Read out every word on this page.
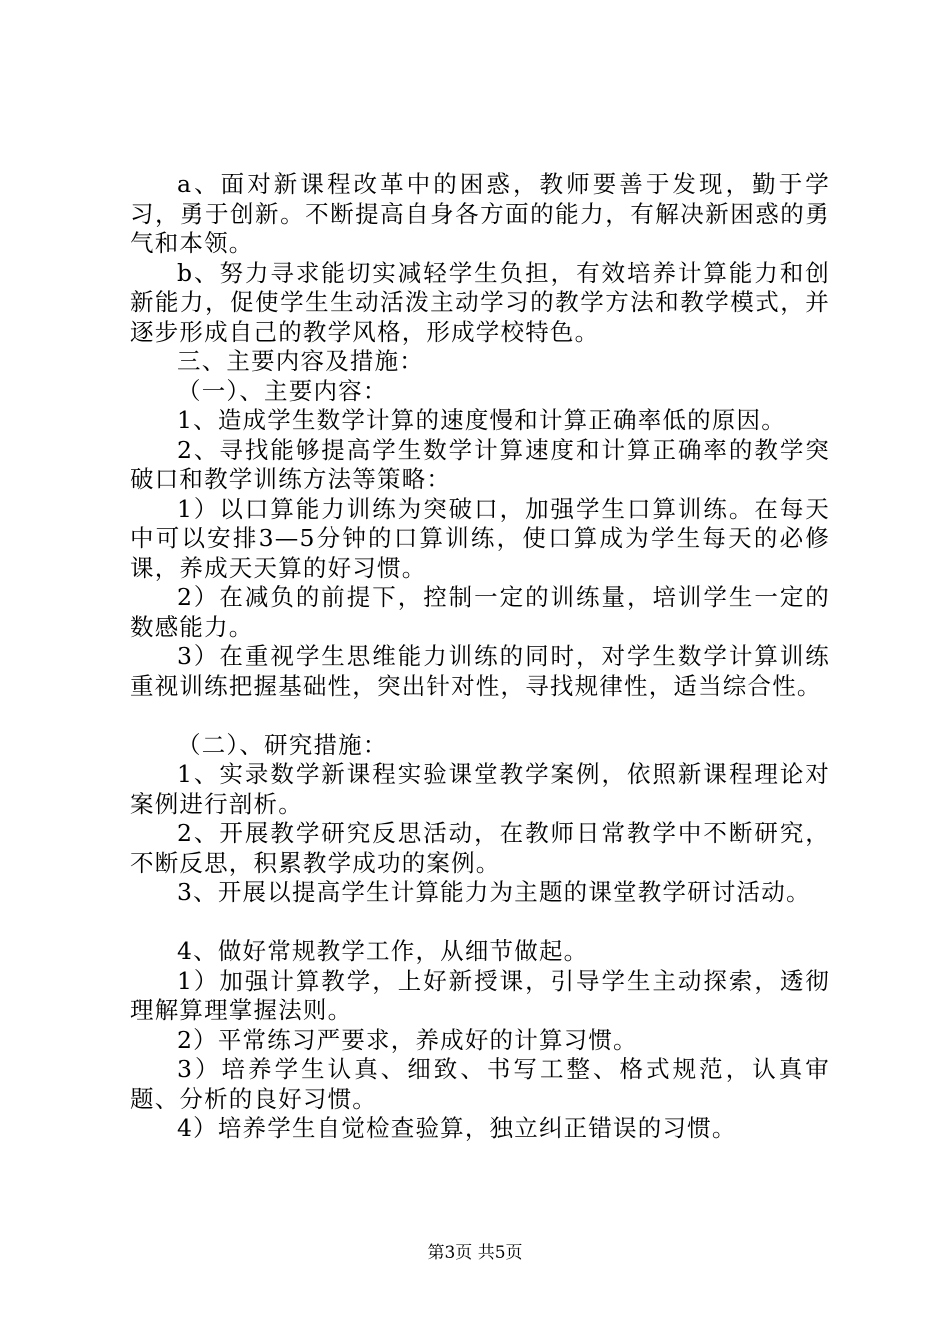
a、面对新课程改革中的困惑，教师要善于发现，勤于学习，勇于创新。不断提高自身各方面的能力，有解决新困惑的勇气和本领。

b、努力寻求能切实减轻学生负担，有效培养计算能力和创新能力，促使学生生动活泼主动学习的教学方法和教学模式，并逐步形成自己的教学风格，形成学校特色。

三、主要内容及措施：

（一）、主要内容：

1、造成学生数学计算的速度慢和计算正确率低的原因。

2、寻找能够提高学生数学计算速度和计算正确率的教学突破口和教学训练方法等策略：

1）以口算能力训练为突破口，加强学生口算训练。在每天中可以安排3—5分钟的口算训练，使口算成为学生每天的必修课，养成天天算的好习惯。

2）在减负的前提下，控制一定的训练量，培训学生一定的数感能力。

3）在重视学生思维能力训练的同时，对学生数学计算训练重视训练把握基础性，突出针对性，寻找规律性，适当综合性。

（二）、研究措施：

1、实录数学新课程实验课堂教学案例，依照新课程理论对案例进行剖析。

2、开展教学研究反思活动，在教师日常教学中不断研究，不断反思，积累教学成功的案例。

3、开展以提高学生计算能力为主题的课堂教学研讨活动。

4、做好常规教学工作，从细节做起。

1）加强计算教学，上好新授课，引导学生主动探索，透彻理解算理掌握法则。

2）平常练习严要求，养成好的计算习惯。

3）培养学生认真、细致、书写工整、格式规范，认真审题、分析的良好习惯。

4）培养学生自觉检查验算，独立纠正错误的习惯。

第3页 共5页
